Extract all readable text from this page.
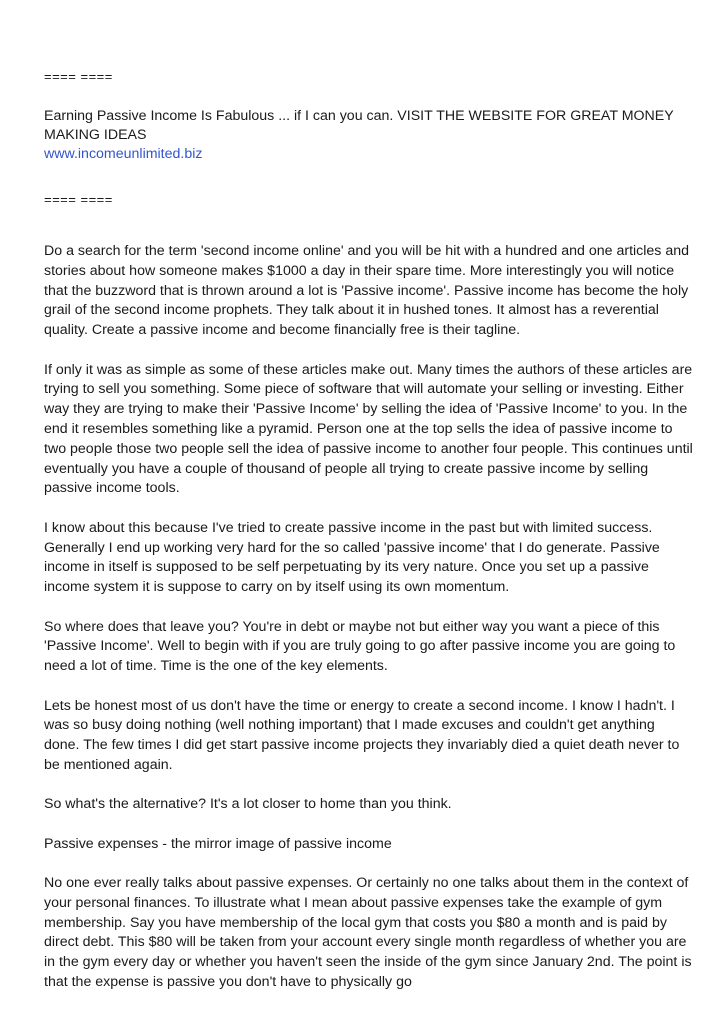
==== ====
Earning Passive Income Is Fabulous ... if I can you can. VISIT THE WEBSITE FOR GREAT MONEY MAKING IDEAS
www.incomeunlimited.biz
==== ====

Do a search for the term 'second income online' and you will be hit with a hundred and one articles and stories about how someone makes $1000 a day in their spare time. More interestingly you will notice that the buzzword that is thrown around a lot is 'Passive income'. Passive income has become the holy grail of the second income prophets. They talk about it in hushed tones. It almost has a reverential quality. Create a passive income and become financially free is their tagline.

If only it was as simple as some of these articles make out. Many times the authors of these articles are trying to sell you something. Some piece of software that will automate your selling or investing. Either way they are trying to make their 'Passive Income' by selling the idea of 'Passive Income' to you. In the end it resembles something like a pyramid. Person one at the top sells the idea of passive income to two people those two people sell the idea of passive income to another four people. This continues until eventually you have a couple of thousand of people all trying to create passive income by selling passive income tools.

I know about this because I've tried to create passive income in the past but with limited success. Generally I end up working very hard for the so called 'passive income' that I do generate. Passive income in itself is supposed to be self perpetuating by its very nature. Once you set up a passive income system it is suppose to carry on by itself using its own momentum.

So where does that leave you? You're in debt or maybe not but either way you want a piece of this 'Passive Income'. Well to begin with if you are truly going to go after passive income you are going to need a lot of time. Time is the one of the key elements.

Lets be honest most of us don't have the time or energy to create a second income. I know I hadn't. I was so busy doing nothing (well nothing important) that I made excuses and couldn't get anything done. The few times I did get start passive income projects they invariably died a quiet death never to be mentioned again.

So what's the alternative? It's a lot closer to home than you think.

Passive expenses - the mirror image of passive income

No one ever really talks about passive expenses. Or certainly no one talks about them in the context of your personal finances. To illustrate what I mean about passive expenses take the example of gym membership. Say you have membership of the local gym that costs you $80 a month and is paid by direct debt. This $80 will be taken from your account every single month regardless of whether you are in the gym every day or whether you haven't seen the inside of the gym since January 2nd. The point is that the expense is passive you don't have to physically go
